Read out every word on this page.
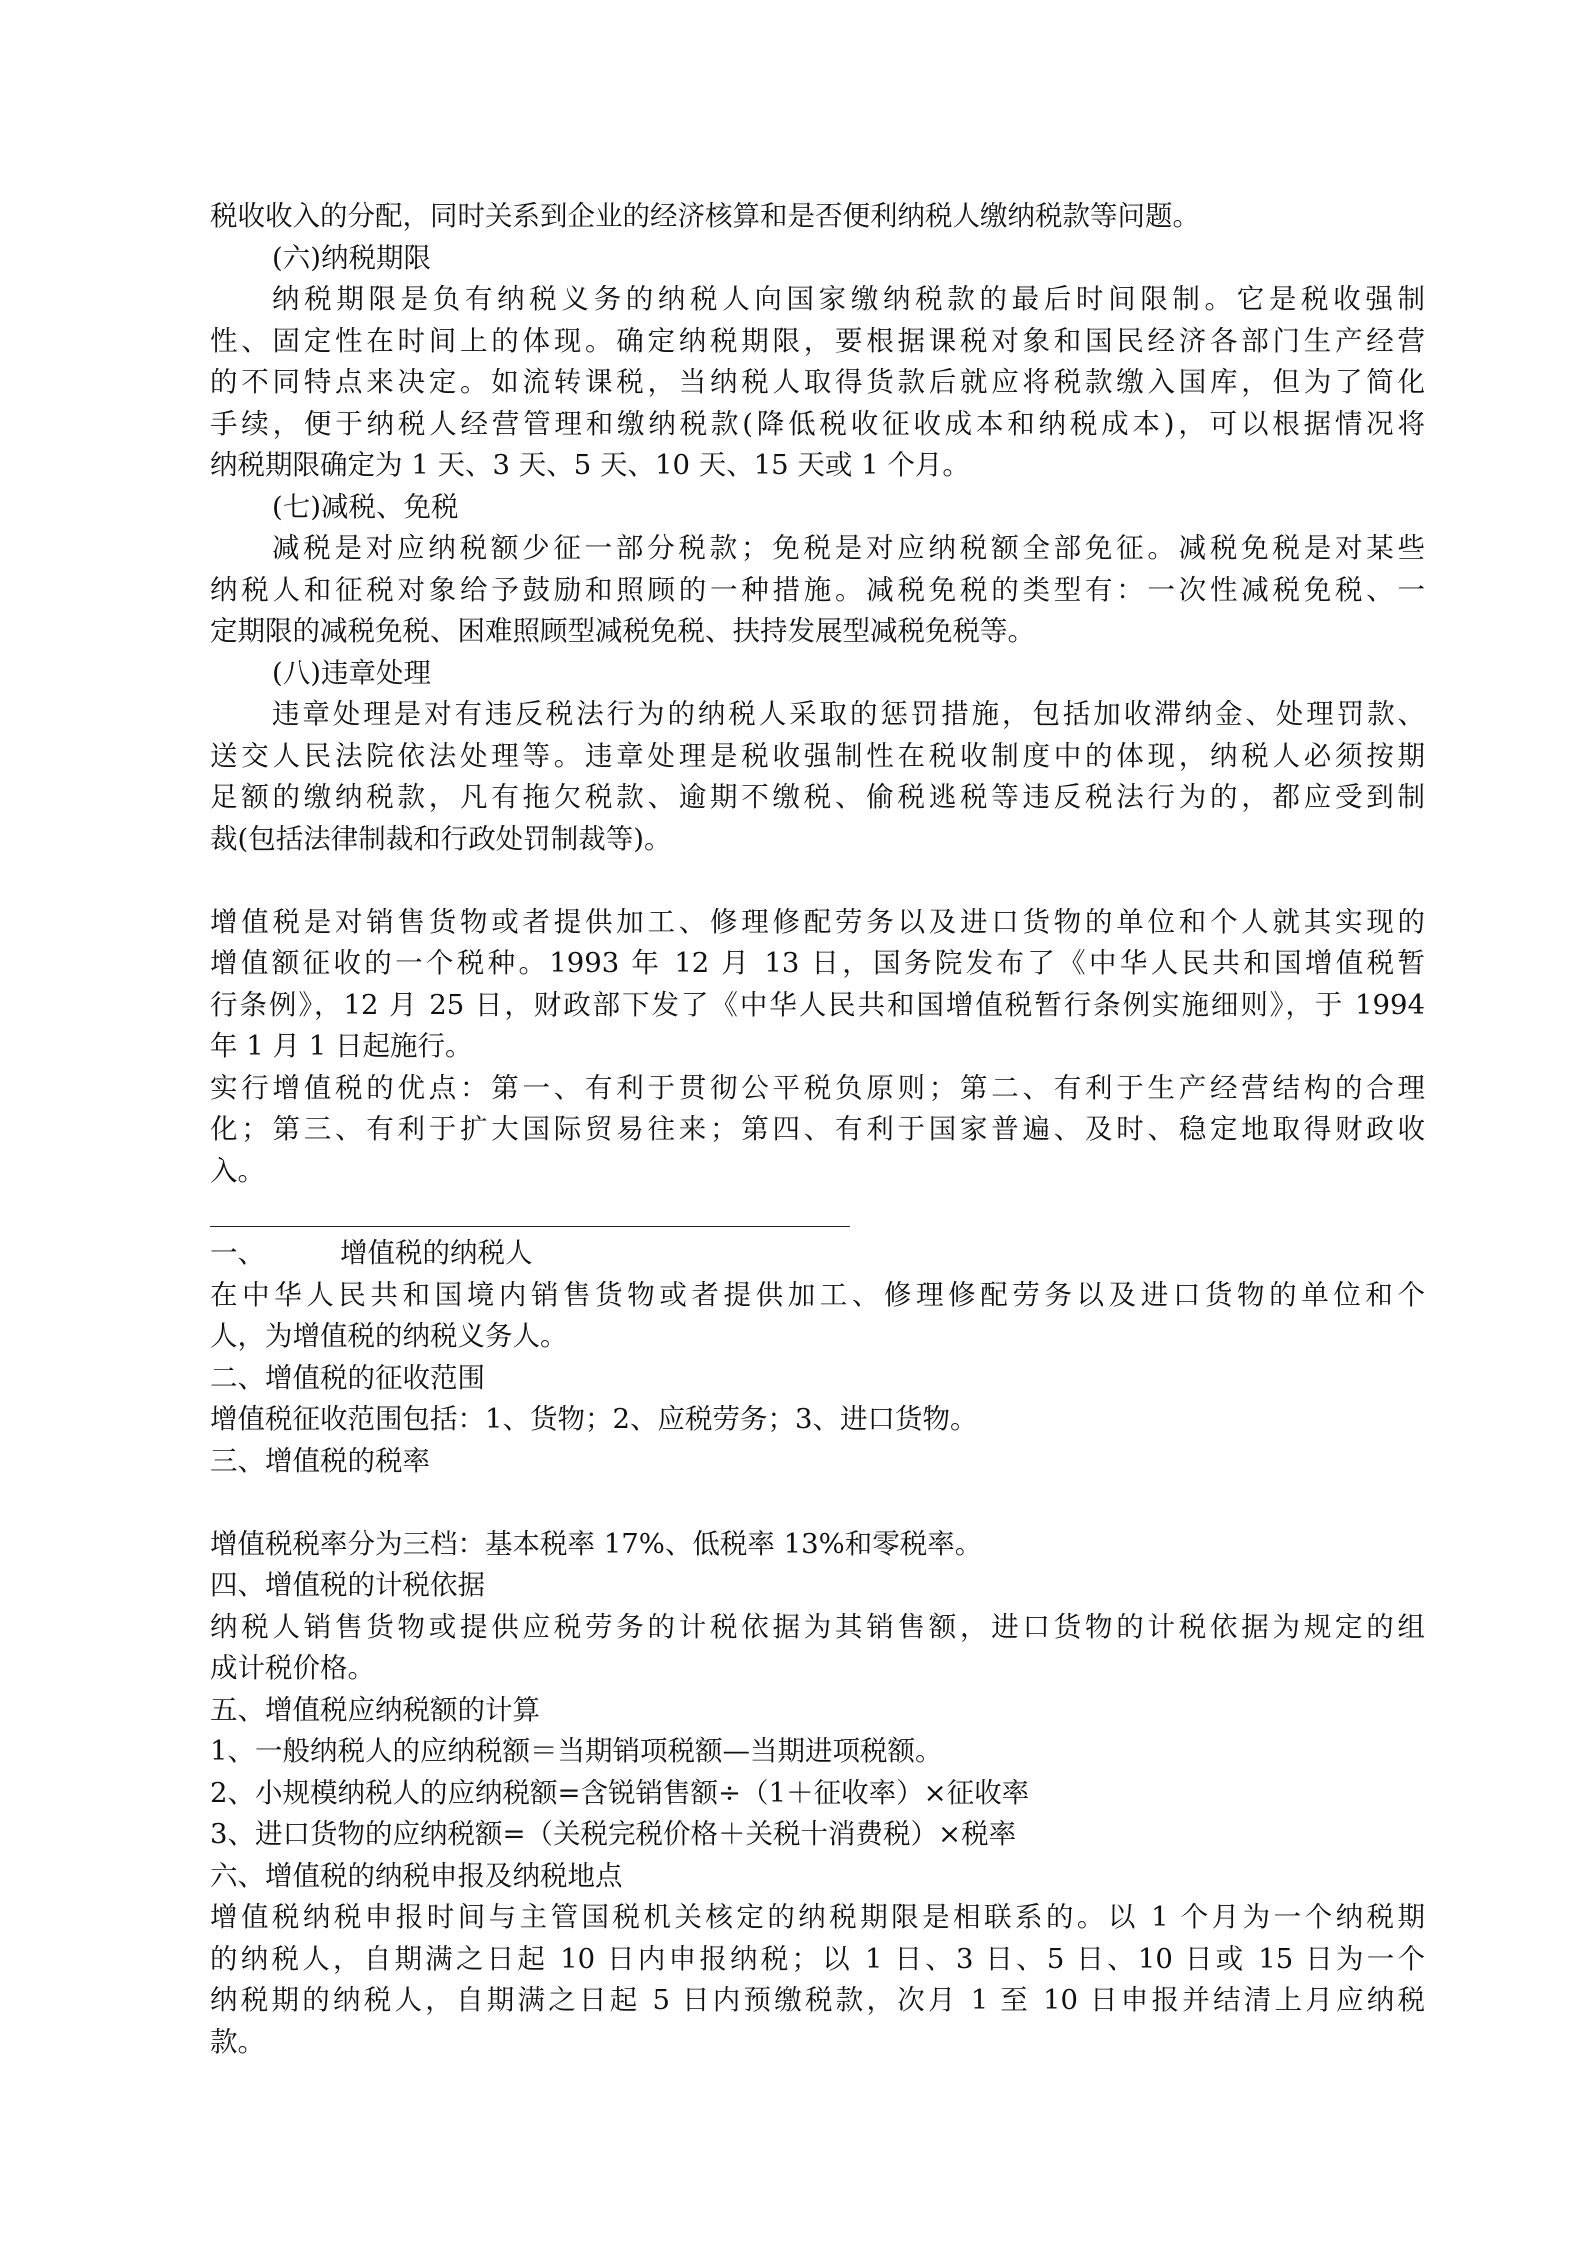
税收收入的分配，同时关系到企业的经济核算和是否便利纳税人缴纳税款等问题。
(六)纳税期限
纳税期限是负有纳税义务的纳税人向国家缴纳税款的最后时间限制。它是税收强制
性、固定性在时间上的体现。确定纳税期限，要根据课税对象和国民经济各部门生产经营
的不同特点来决定。如流转课税，当纳税人取得货款后就应将税款缴入国库，但为了简化
手续，便于纳税人经营管理和缴纳税款(降低税收征收成本和纳税成本)，可以根据情况将
纳税期限确定为 1 天、3 天、5 天、10 天、15 天或 1 个月。
(七)减税、免税
减税是对应纳税额少征一部分税款；免税是对应纳税额全部免征。减税免税是对某些
纳税人和征税对象给予鼓励和照顾的一种措施。减税免税的类型有：一次性减税免税、一
定期限的减税免税、困难照顾型减税免税、扶持发展型减税免税等。
(八)违章处理
违章处理是对有违反税法行为的纳税人采取的惩罚措施，包括加收滞纳金、处理罚款、
送交人民法院依法处理等。违章处理是税收强制性在税收制度中的体现，纳税人必须按期
足额的缴纳税款，凡有拖欠税款、逾期不缴税、偷税逃税等违反税法行为的，都应受到制
裁(包括法律制裁和行政处罚制裁等)。
增值税是对销售货物或者提供加工、修理修配劳务以及进口货物的单位和个人就其实现的
增值额征收的一个税种。1993 年 12 月 13 日，国务院发布了《中华人民共和国增值税暂
行条例》，12 月 25 日，财政部下发了《中华人民共和国增值税暂行条例实施细则》，于 1994
年 1 月 1 日起施行。
实行增值税的优点：第一、有利于贯彻公平税负原则；第二、有利于生产经营结构的合理
化；第三、有利于扩大国际贸易往来；第四、有利于国家普遍、及时、稳定地取得财政收
入。
一、	增值税的纳税人
在中华人民共和国境内销售货物或者提供加工、修理修配劳务以及进口货物的单位和个
人，为增值税的纳税义务人。
二、增值税的征收范围
增值税征收范围包括：1、货物；2、应税劳务；3、进口货物。
三、增值税的税率
增值税税率分为三档：基本税率 17%、低税率 13%和零税率。
四、增值税的计税依据
纳税人销售货物或提供应税劳务的计税依据为其销售额，进口货物的计税依据为规定的组
成计税价格。
五、增值税应纳税额的计算
1、一般纳税人的应纳税额＝当期销项税额—当期进项税额。
2、小规模纳税人的应纳税额=含锐销售额÷（1＋征收率）×征收率
3、进口货物的应纳税额=（关税完税价格＋关税十消费税）×税率
六、增值税的纳税申报及纳税地点
增值税纳税申报时间与主管国税机关核定的纳税期限是相联系的。以 1 个月为一个纳税期
的纳税人，自期满之日起 10 日内申报纳税；以 1 日、3 日、5 日、10 日或 15 日为一个
纳税期的纳税人，自期满之日起 5 日内预缴税款，次月 1 至 10 日申报并结清上月应纳税
款。
